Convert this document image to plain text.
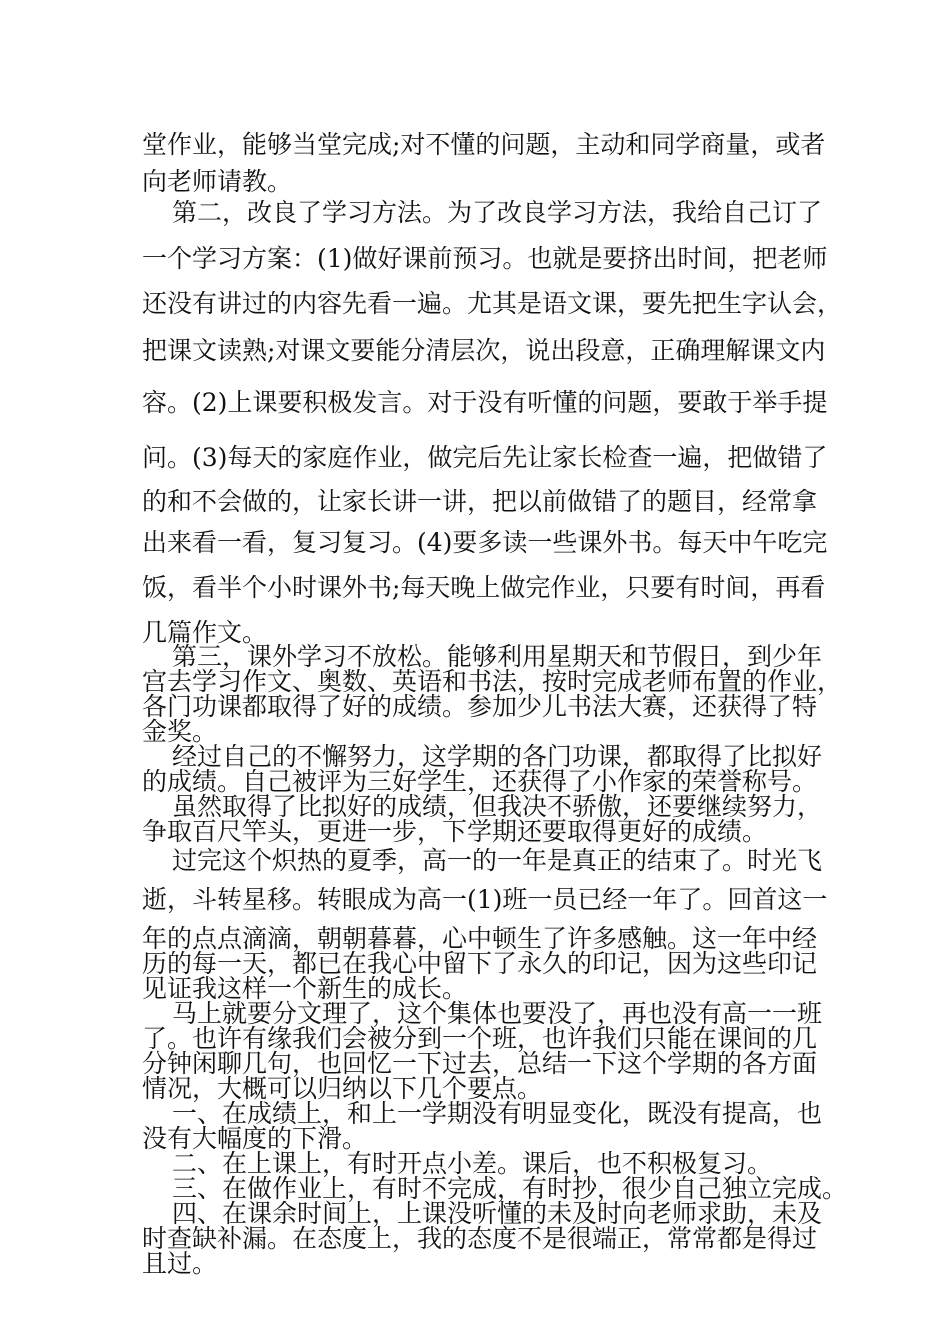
堂作业，能够当堂完成;对不懂的问题，主动和同学商量，或者

向老师请教。

第二，改良了学习方法。为了改良学习方法，我给自己订了

一个学习方案：(1)做好课前预习。也就是要挤出时间，把老师

还没有讲过的内容先看一遍。尤其是语文课，要先把生字认会，

把课文读熟;对课文要能分清层次，说出段意，正确理解课文内

容。(2)上课要积极发言。对于没有听懂的问题，要敢于举手提

问。(3)每天的家庭作业，做完后先让家长检查一遍，把做错了

的和不会做的，让家长讲一讲，把以前做错了的题目，经常拿

出来看一看，复习复习。(4)要多读一些课外书。每天中午吃完

饭，看半个小时课外书;每天晚上做完作业，只要有时间，再看

几篇作文。

第三，课外学习不放松。能够利用星期天和节假日，到少年

宫去学习作文、奥数、英语和书法，按时完成老师布置的作业，

各门功课都取得了好的成绩。参加少儿书法大赛，还获得了特

金奖。

经过自己的不懈努力，这学期的各门功课，都取得了比拟好

的成绩。自己被评为三好学生，还获得了小作家的荣誉称号。

虽然取得了比拟好的成绩，但我决不骄傲，还要继续努力，

争取百尺竿头，更进一步，下学期还要取得更好的成绩。

过完这个炽热的夏季，高一的一年是真正的结束了。时光飞

逝，斗转星移。转眼成为高一(1)班一员已经一年了。回首这一

年的点点滴滴，朝朝暮暮，心中顿生了许多感触。这一年中经

历的每一天，都已在我心中留下了永久的印记，因为这些印记

见证我这样一个新生的成长。

马上就要分文理了，这个集体也要没了，再也没有高一一班

了。也许有缘我们会被分到一个班，也许我们只能在课间的几

分钟闲聊几句，也回忆一下过去，总结一下这个学期的各方面

情况，大概可以归纳以下几个要点。

一、在成绩上，和上一学期没有明显变化，既没有提高，也

没有大幅度的下滑。

二、在上课上，有时开点小差。课后，也不积极复习。

三、在做作业上，有时不完成，有时抄，很少自己独立完成。

四、在课余时间上，上课没听懂的未及时向老师求助，未及

时查缺补漏。在态度上，我的态度不是很端正，常常都是得过

且过。
